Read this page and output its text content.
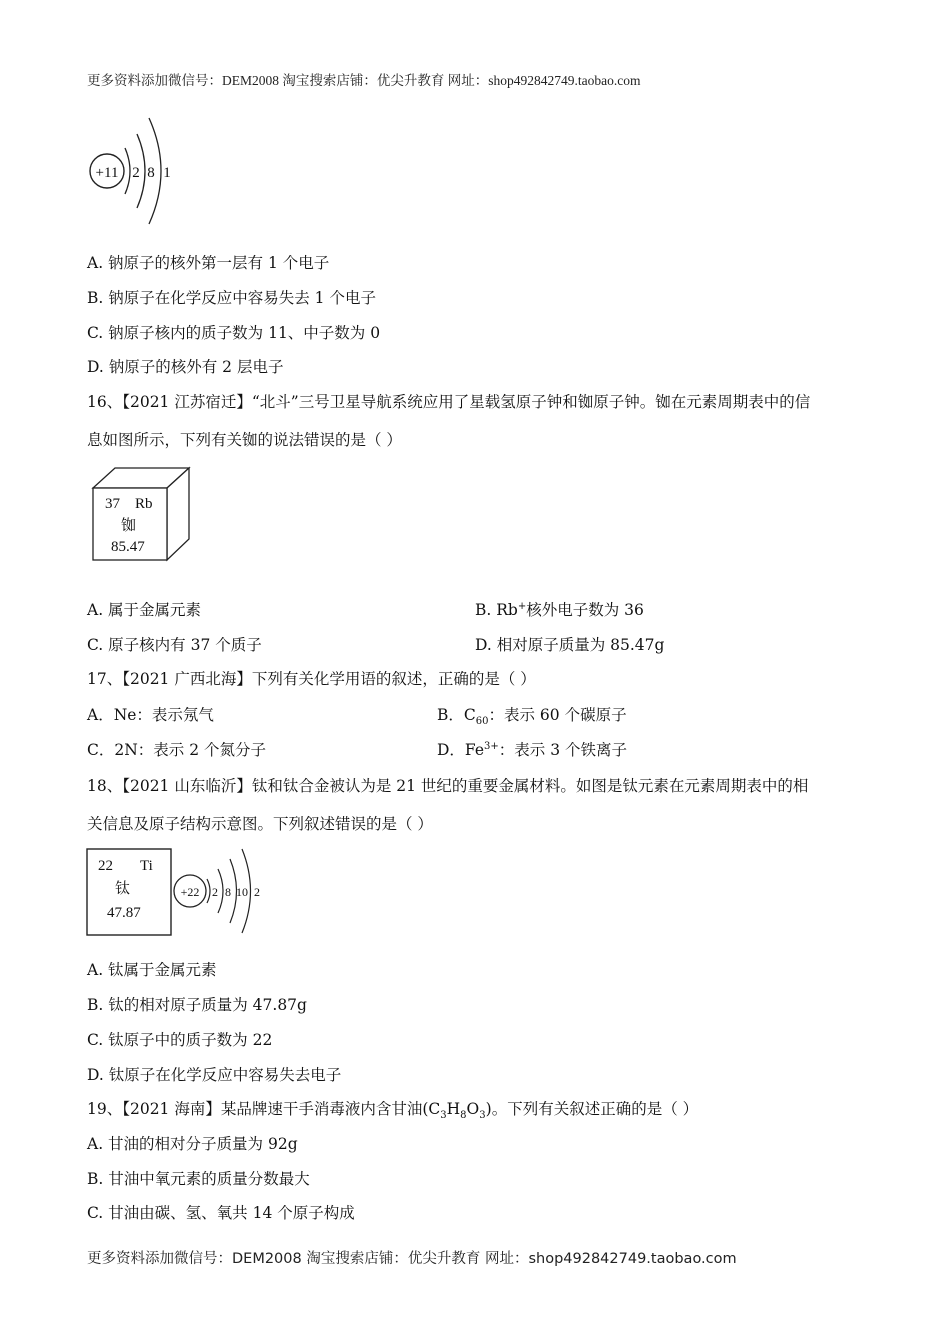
更多资料添加微信号：DEM2008 淘宝搜索店铺：优尖升教育 网址：shop492842749.taobao.com
+11 2 8 1
A. 钠原子的核外第一层有 1 个电子
B. 钠原子在化学反应中容易失去 1 个电子
C. 钠原子核内的质子数为 11、中子数为 0
D. 钠原子的核外有 2 层电子
16、【2021 江苏宿迁】“北斗”三号卫星导航系统应用了星载氢原子钟和铷原子钟。铷在元素周期表中的信
息如图所示，下列有关铷的说法错误的是（ ）
37 Rb
铷
85.47
A. 属于金属元素	B. Rb+核外电子数为 36
C. 原子核内有 37 个质子	D. 相对原子质量为 85.47g
17、【2021 广西北海】下列有关化学用语的叙述，正确的是（ ）
A．Ne：表示氖气	B．$C_{60}$：表示 60 个碳原子
C．2N：表示 2 个氮分子	D．$Fe^{3+}$：表示 3 个铁离子
18、【2021 山东临沂】钛和钛合金被认为是 21 世纪的重要金属材料。如图是钛元素在元素周期表中的相
关信息及原子结构示意图。下列叙述错误的是（ ）
22 Ti
钛
47.87
+22 2 8 10 2
A. 钛属于金属元素
B. 钛的相对原子质量为 47.87g
C. 钛原子中的质子数为 22
D. 钛原子在化学反应中容易失去电子
19、【2021 海南】某品牌速干手消毒液内含甘油$(C_3H_8O_3)$。下列有关叙述正确的是（ ）
A. 甘油的相对分子质量为 92g
B. 甘油中氧元素的质量分数最大
C. 甘油由碳、氢、氧共 14 个原子构成
更多资料添加微信号：DEM2008 淘宝搜索店铺：优尖升教育 网址：shop492842749.taobao.com
